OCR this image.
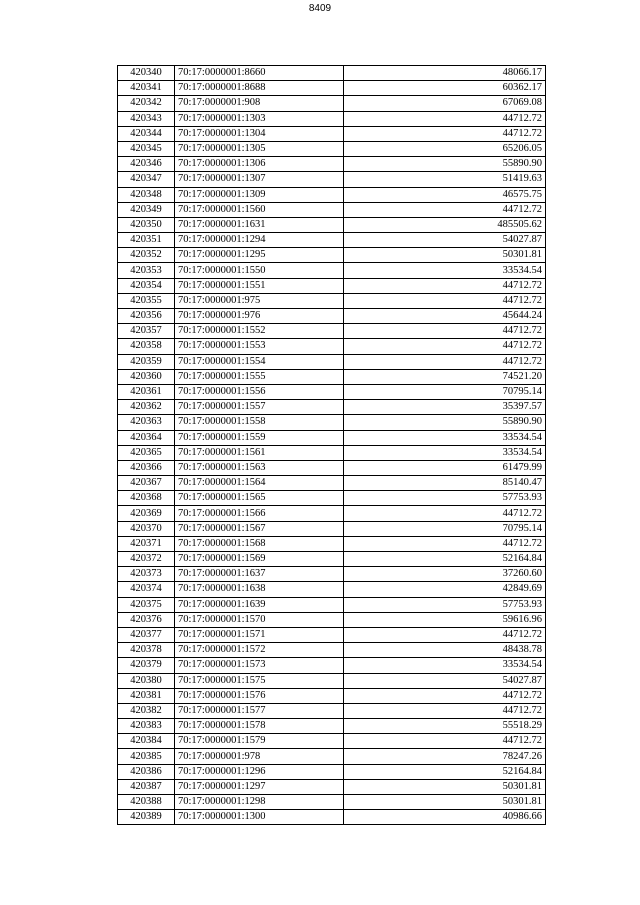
8409
420340	70:17:0000001:8660	48066.17
420341	70:17:0000001:8688	60362.17
420342	70:17:0000001:908	67069.08
420343	70:17:0000001:1303	44712.72
420344	70:17:0000001:1304	44712.72
420345	70:17:0000001:1305	65206.05
420346	70:17:0000001:1306	55890.90
420347	70:17:0000001:1307	51419.63
420348	70:17:0000001:1309	46575.75
420349	70:17:0000001:1560	44712.72
420350	70:17:0000001:1631	485505.62
420351	70:17:0000001:1294	54027.87
420352	70:17:0000001:1295	50301.81
420353	70:17:0000001:1550	33534.54
420354	70:17:0000001:1551	44712.72
420355	70:17:0000001:975	44712.72
420356	70:17:0000001:976	45644.24
420357	70:17:0000001:1552	44712.72
420358	70:17:0000001:1553	44712.72
420359	70:17:0000001:1554	44712.72
420360	70:17:0000001:1555	74521.20
420361	70:17:0000001:1556	70795.14
420362	70:17:0000001:1557	35397.57
420363	70:17:0000001:1558	55890.90
420364	70:17:0000001:1559	33534.54
420365	70:17:0000001:1561	33534.54
420366	70:17:0000001:1563	61479.99
420367	70:17:0000001:1564	85140.47
420368	70:17:0000001:1565	57753.93
420369	70:17:0000001:1566	44712.72
420370	70:17:0000001:1567	70795.14
420371	70:17:0000001:1568	44712.72
420372	70:17:0000001:1569	52164.84
420373	70:17:0000001:1637	37260.60
420374	70:17:0000001:1638	42849.69
420375	70:17:0000001:1639	57753.93
420376	70:17:0000001:1570	59616.96
420377	70:17:0000001:1571	44712.72
420378	70:17:0000001:1572	48438.78
420379	70:17:0000001:1573	33534.54
420380	70:17:0000001:1575	54027.87
420381	70:17:0000001:1576	44712.72
420382	70:17:0000001:1577	44712.72
420383	70:17:0000001:1578	55518.29
420384	70:17:0000001:1579	44712.72
420385	70:17:0000001:978	78247.26
420386	70:17:0000001:1296	52164.84
420387	70:17:0000001:1297	50301.81
420388	70:17:0000001:1298	50301.81
420389	70:17:0000001:1300	40986.66
